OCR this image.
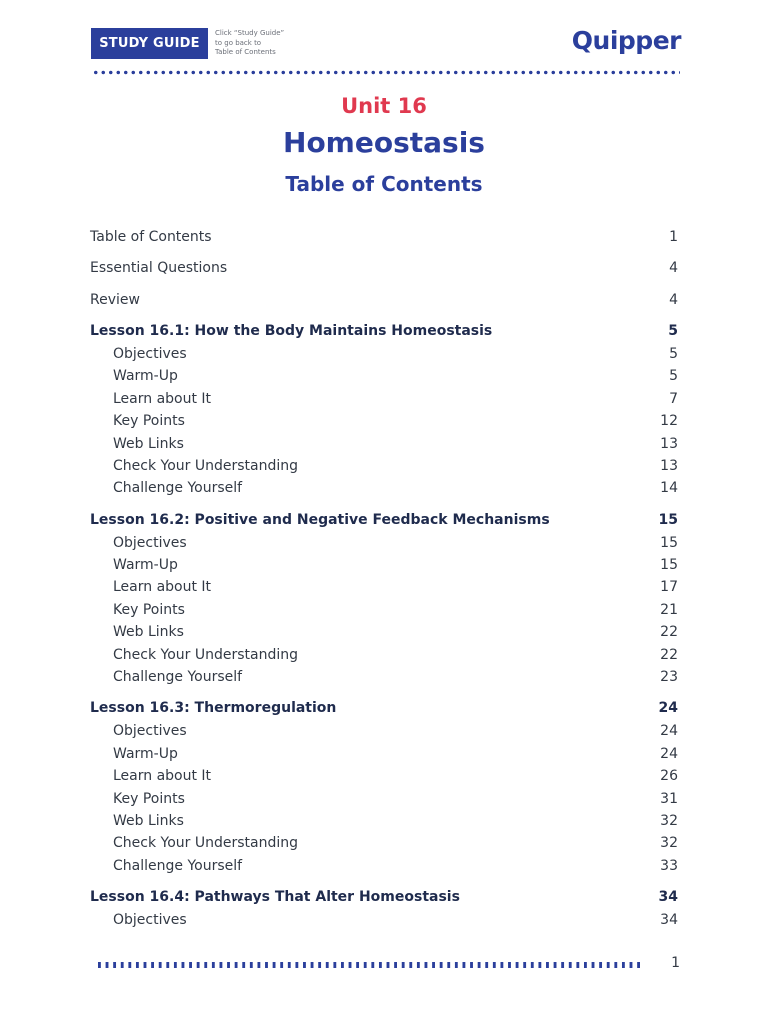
STUDY GUIDE
Click “Study Guide”
to go back to
Table of Contents	Quipper
Unit 16
Homeostasis
Table of Contents
Table of Contents	1
Essential Questions	4
Review	4
Lesson 16.1: How the Body Maintains Homeostasis	5
Objectives	5
Warm-Up	5
Learn about It	7
Key Points	12
Web Links	13
Check Your Understanding	13
Challenge Yourself	14
Lesson 16.2: Positive and Negative Feedback Mechanisms	15
Objectives	15
Warm-Up	15
Learn about It	17
Key Points	21
Web Links	22
Check Your Understanding	22
Challenge Yourself	23
Lesson 16.3: Thermoregulation	24
Objectives	24
Warm-Up	24
Learn about It	26
Key Points	31
Web Links	32
Check Your Understanding	32
Challenge Yourself	33
Lesson 16.4: Pathways That Alter Homeostasis	34
Objectives	34
1
